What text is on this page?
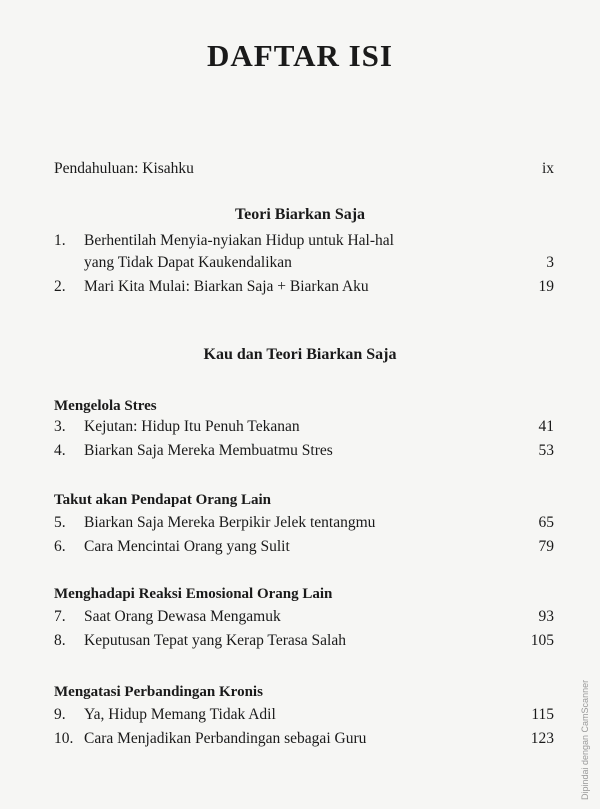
DAFTAR ISI
Pendahuluan: Kisahku	ix
Teori Biarkan Saja
1. Berhentilah Menyia-nyiakan Hidup untuk Hal-hal
yang Tidak Dapat Kaukendalikan	3
2. Mari Kita Mulai: Biarkan Saja + Biarkan Aku	19
Kau dan Teori Biarkan Saja
Mengelola Stres
3. Kejutan: Hidup Itu Penuh Tekanan	41
4. Biarkan Saja Mereka Membuatmu Stres	53
Takut akan Pendapat Orang Lain
5. Biarkan Saja Mereka Berpikir Jelek tentangmu	65
6. Cara Mencintai Orang yang Sulit	79
Menghadapi Reaksi Emosional Orang Lain
7. Saat Orang Dewasa Mengamuk	93
8. Keputusan Tepat yang Kerap Terasa Salah	105
Mengatasi Perbandingan Kronis
9. Ya, Hidup Memang Tidak Adil	115
10. Cara Menjadikan Perbandingan sebagai Guru	123	Dipindai dengan CamScanner
